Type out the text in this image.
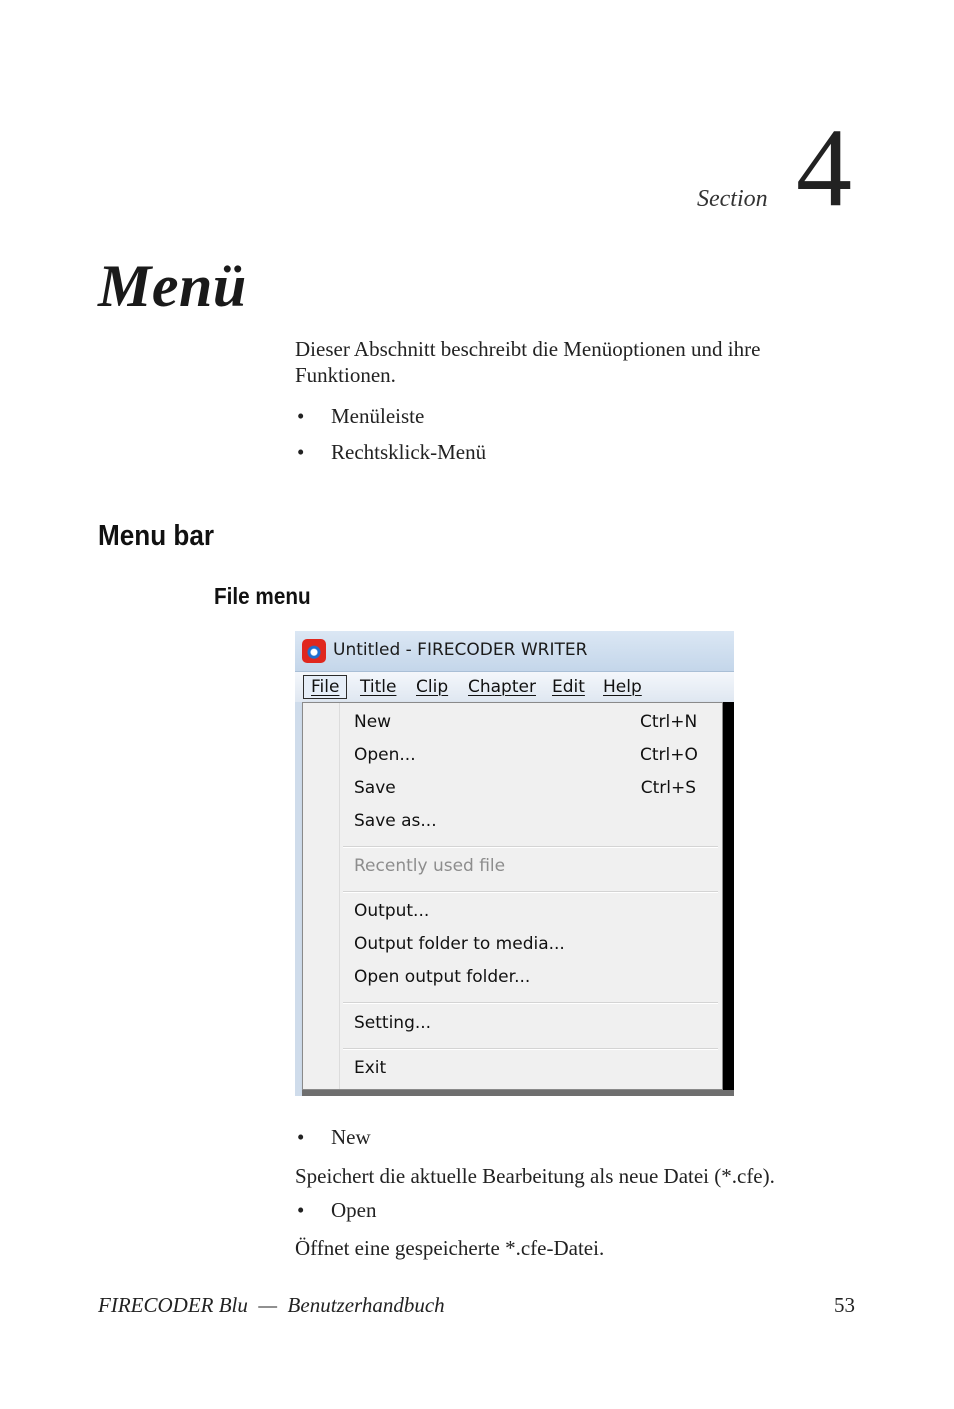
Section 4
Menü
Dieser Abschnitt beschreibt die Menüoptionen und ihre Funktionen.
• Menüleiste
• Rechtsklick-Menü
Menu bar
File menu
Untitled - FIRECODER WRITER
File	Title	Clip	Chapter Edit	Help
New	Ctrl+N
Open...	Ctrl+O
Save	Ctrl+S
Save as...
Recently used file
Output...
Output folder to media...
Open output folder...
Setting...
Exit
• New
Speichert die aktuelle Bearbeitung als neue Datei (*.cfe).
• Open
Öffnet eine gespeicherte *.cfe-Datei.
FIRECODER Blu  —  Benutzerhandbuch	53
